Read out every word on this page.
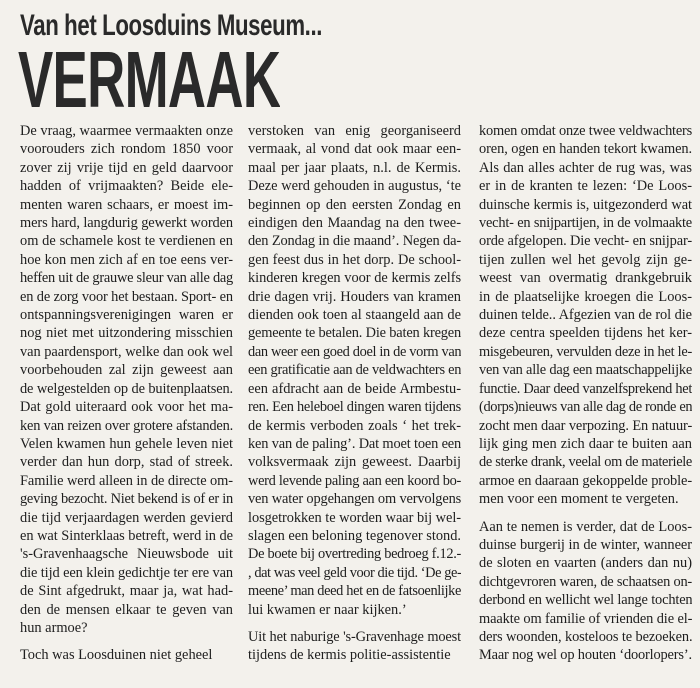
Van het Loosduins Museum...
VERMAAK
De vraag, waarmee vermaakten onze
voorouders zich rondom 1850 voor
zover zij vrije tijd en geld daarvoor
hadden of vrijmaakten? Beide ele-
menten waren schaars, er moest im-
mers hard, langdurig gewerkt worden
om de schamele kost te verdienen en
hoe kon men zich af en toe eens ver-
heffen uit de grauwe sleur van alle dag
en de zorg voor het bestaan. Sport- en
ontspanningsverenigingen waren er
nog niet met uitzondering misschien
van paardensport, welke dan ook wel
voorbehouden zal zijn geweest aan
de welgestelden op de buitenplaatsen.
Dat gold uiteraard ook voor het ma-
ken van reizen over grotere afstanden.
Velen kwamen hun gehele leven niet
verder dan hun dorp, stad of streek.
Familie werd alleen in de directe om-
geving bezocht. Niet bekend is of er in
die tijd verjaardagen werden gevierd
en wat Sinterklaas betreft, werd in de
's-Gravenhaagsche Nieuwsbode uit
die tijd een klein gedichtje ter ere van
de Sint afgedrukt, maar ja, wat had-
den de mensen elkaar te geven van
hun armoe?
Toch was Loosduinen niet geheel
verstoken van enig georganiseerd
vermaak, al vond dat ook maar een-
maal per jaar plaats, n.l. de Kermis.
Deze werd gehouden in augustus, ‘te
beginnen op den eersten Zondag en
eindigen den Maandag na den twee-
den Zondag in die maand’. Negen da-
gen feest dus in het dorp. De school-
kinderen kregen voor de kermis zelfs
drie dagen vrij. Houders van kramen
dienden ook toen al staangeld aan de
gemeente te betalen. Die baten kregen
dan weer een goed doel in de vorm van
een gratificatie aan de veldwachters en
een afdracht aan de beide Armbestu-
ren. Een heleboel dingen waren tijdens
de kermis verboden zoals ‘ het trek-
ken van de paling’. Dat moet toen een
volksvermaak zijn geweest. Daarbij
werd levende paling aan een koord bo-
ven water opgehangen om vervolgens
losgetrokken te worden waar bij wel-
slagen een beloning tegenover stond.
De boete bij overtreding bedroeg f.12.-
, dat was veel geld voor die tijd. ‘De ge-
meene’ man deed het en de fatsoenlijke
lui kwamen er naar kijken.’
Uit het naburige 's-Gravenhage moest
tijdens de kermis politie-assistentie
komen omdat onze twee veldwachters
oren, ogen en handen tekort kwamen.
Als dan alles achter de rug was, was
er in de kranten te lezen: ‘De Loos-
duinsche kermis is, uitgezonderd wat
vecht- en snijpartijen, in de volmaakte
orde afgelopen. Die vecht- en snijpar-
tijen zullen wel het gevolg zijn ge-
weest van overmatig drankgebruik
in de plaatselijke kroegen die Loos-
duinen telde.. Afgezien van de rol die
deze centra speelden tijdens het ker-
misgebeuren, vervulden deze in het le-
ven van alle dag een maatschappelijke
functie. Daar deed vanzelfsprekend het
(dorps)nieuws van alle dag de ronde en
zocht men daar verpozing. En natuur-
lijk ging men zich daar te buiten aan
de sterke drank, veelal om de materiele
armoe en daaraan gekoppelde proble-
men voor een moment te vergeten.
Aan te nemen is verder, dat de Loos-
duinse burgerij in de winter, wanneer
de sloten en vaarten (anders dan nu)
dichtgevroren waren, de schaatsen on-
derbond en wellicht wel lange tochten
maakte om familie of vrienden die el-
ders woonden, kosteloos te bezoeken.
Maar nog wel op houten ‘doorlopers’.
